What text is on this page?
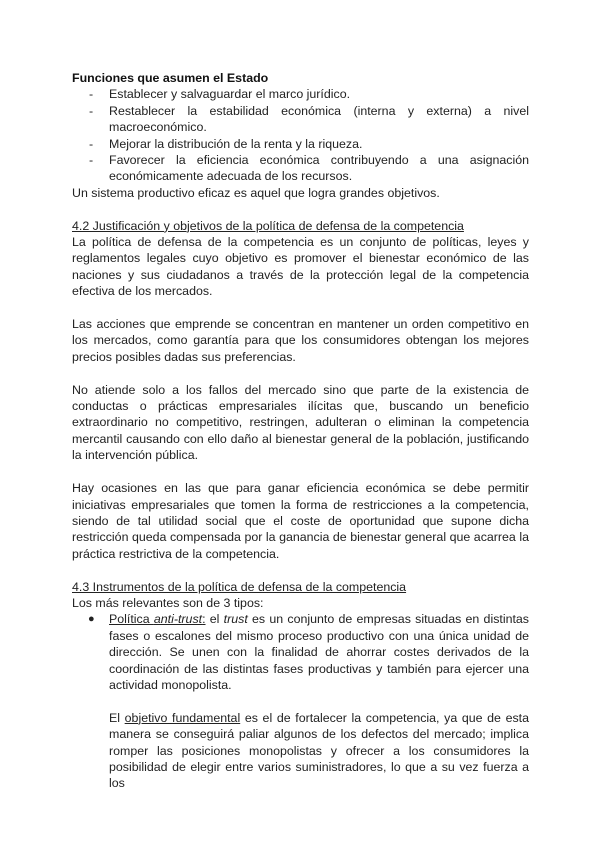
Funciones que asumen el Estado
- Establecer y salvaguardar el marco jurídico.
- Restablecer la estabilidad económica (interna y externa) a nivel macroeconómico.
- Mejorar la distribución de la renta y la riqueza.
- Favorecer la eficiencia económica contribuyendo a una asignación económicamente adecuada de los recursos.

Un sistema productivo eficaz es aquel que logra grandes objetivos.

4.2 Justificación y objetivos de la política de defensa de la competencia

La política de defensa de la competencia es un conjunto de políticas, leyes y reglamentos legales cuyo objetivo es promover el bienestar económico de las naciones y sus ciudadanos a través de la protección legal de la competencia efectiva de los mercados.

Las acciones que emprende se concentran en mantener un orden competitivo en los mercados, como garantía para que los consumidores obtengan los mejores precios posibles dadas sus preferencias.

No atiende solo a los fallos del mercado sino que parte de la existencia de conductas o prácticas empresariales ilícitas que, buscando un beneficio extraordinario no competitivo, restringen, adulteran o eliminan la competencia mercantil causando con ello daño al bienestar general de la población, justificando la intervención pública.

Hay ocasiones en las que para ganar eficiencia económica se debe permitir iniciativas empresariales que tomen la forma de restricciones a la competencia, siendo de tal utilidad social que el coste de oportunidad que supone dicha restricción queda compensada por la ganancia de bienestar general que acarrea la práctica restrictiva de la competencia.

4.3 Instrumentos de la política de defensa de la competencia

Los más relevantes son de 3 tipos:

● Política anti-trust: el trust es un conjunto de empresas situadas en distintas fases o escalones del mismo proceso productivo con una única unidad de dirección. Se unen con la finalidad de ahorrar costes derivados de la coordinación de las distintas fases productivas y también para ejercer una actividad monopolista.
El objetivo fundamental es el de fortalecer la competencia, ya que de esta manera se conseguirá paliar algunos de los defectos del mercado; implica romper las posiciones monopolistas y ofrecer a los consumidores la posibilidad de elegir entre varios suministradores, lo que a su vez fuerza a los
